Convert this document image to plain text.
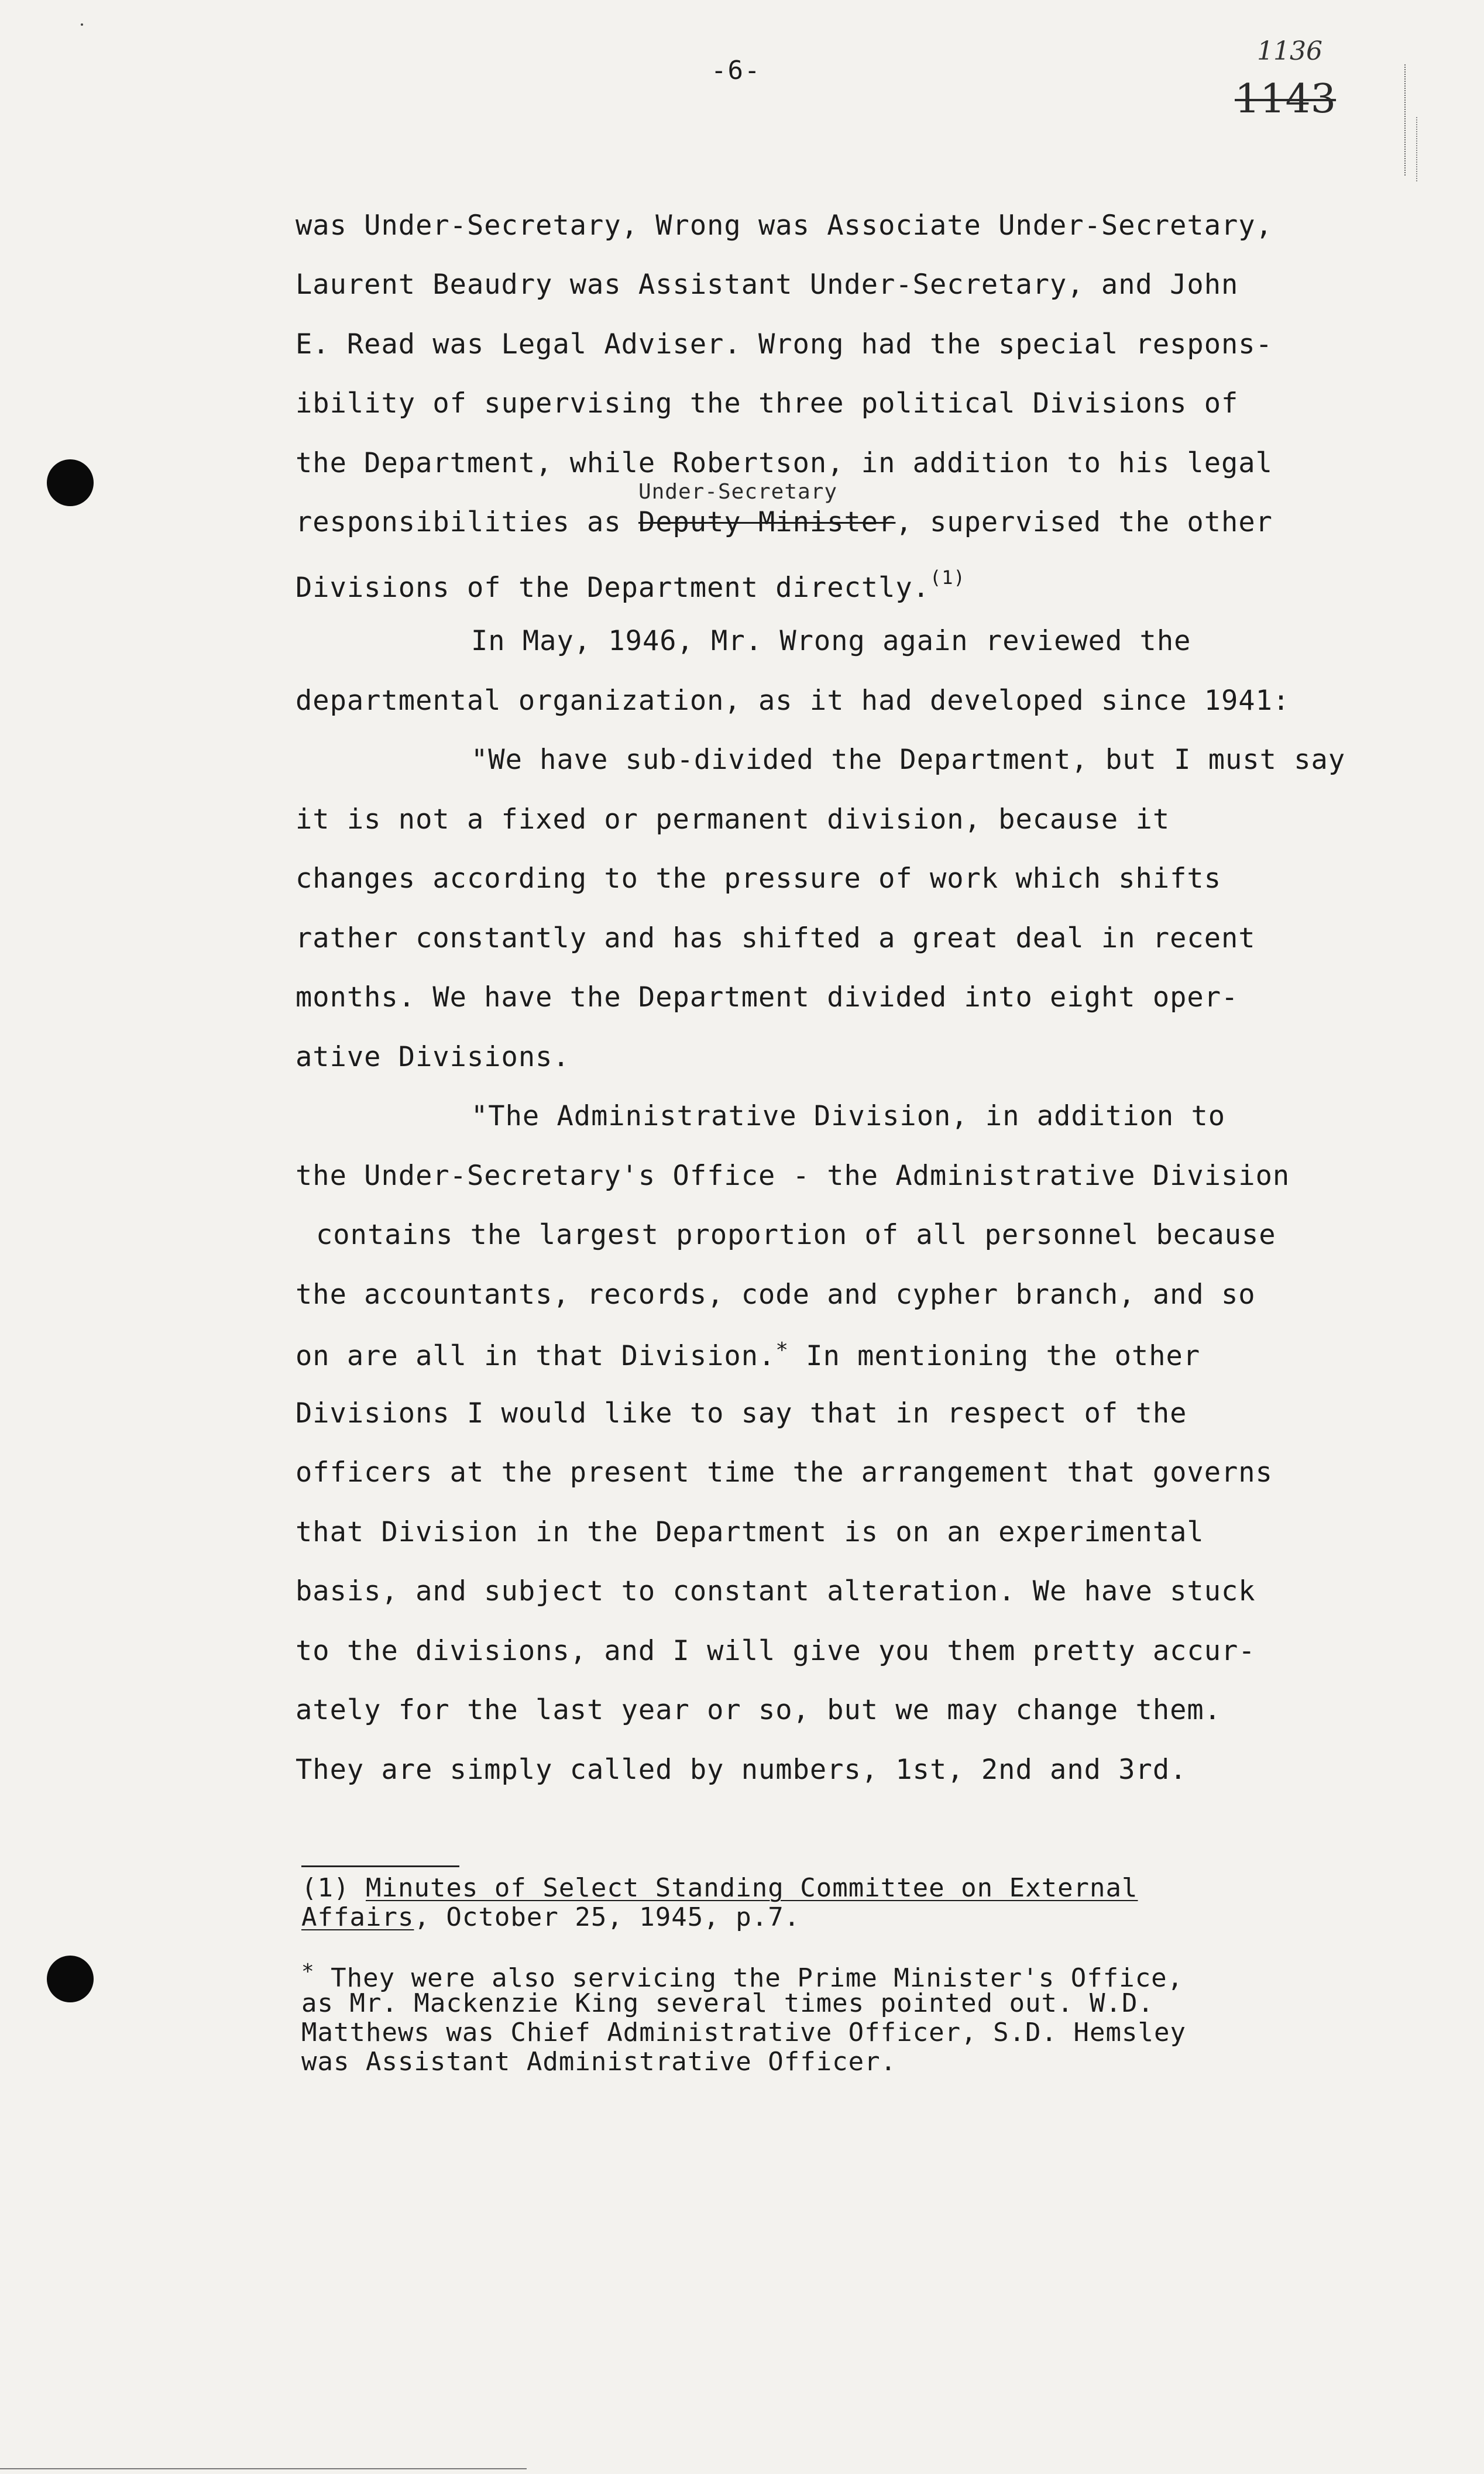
-6-
1136
1143
was Under-Secretary, Wrong was Associate Under-Secretary,
Laurent Beaudry was Assistant Under-Secretary, and John
E. Read was Legal Adviser. Wrong had the special respons-
ibility of supervising the three political Divisions of
the Department, while Robertson, in addition to his legal
responsibilities as
Under-Secretary
Deputy Minister, supervised the other
Divisions of the Department directly.$^{(1)}$
In May, 1946, Mr. Wrong again reviewed the
departmental organization, as it had developed since 1941:
"We have sub-divided the Department, but I must say
it is not a fixed or permanent division, because it
changes according to the pressure of work which shifts
rather constantly and has shifted a great deal in recent
months. We have the Department divided into eight oper-
ative Divisions.
"The Administrative Division, in addition to
the Under-Secretary's Office - the Administrative Division
contains the largest proportion of all personnel because
the accountants, records, code and cypher branch, and so
on are all in that Division.* In mentioning the other
Divisions I would like to say that in respect of the
officers at the present time the arrangement that governs
that Division in the Department is on an experimental
basis, and subject to constant alteration. We have stuck
to the divisions, and I will give you them pretty accur-
ately for the last year or so, but we may change them.
They are simply called by numbers, 1st, 2nd and 3rd.
(1) Minutes of Select Standing Committee on External
Affairs, October 25, 1945, p.7.
* They were also servicing the Prime Minister's Office,
as Mr. Mackenzie King several times pointed out. W.D.
Matthews was Chief Administrative Officer, S.D. Hemsley
was Assistant Administrative Officer.
